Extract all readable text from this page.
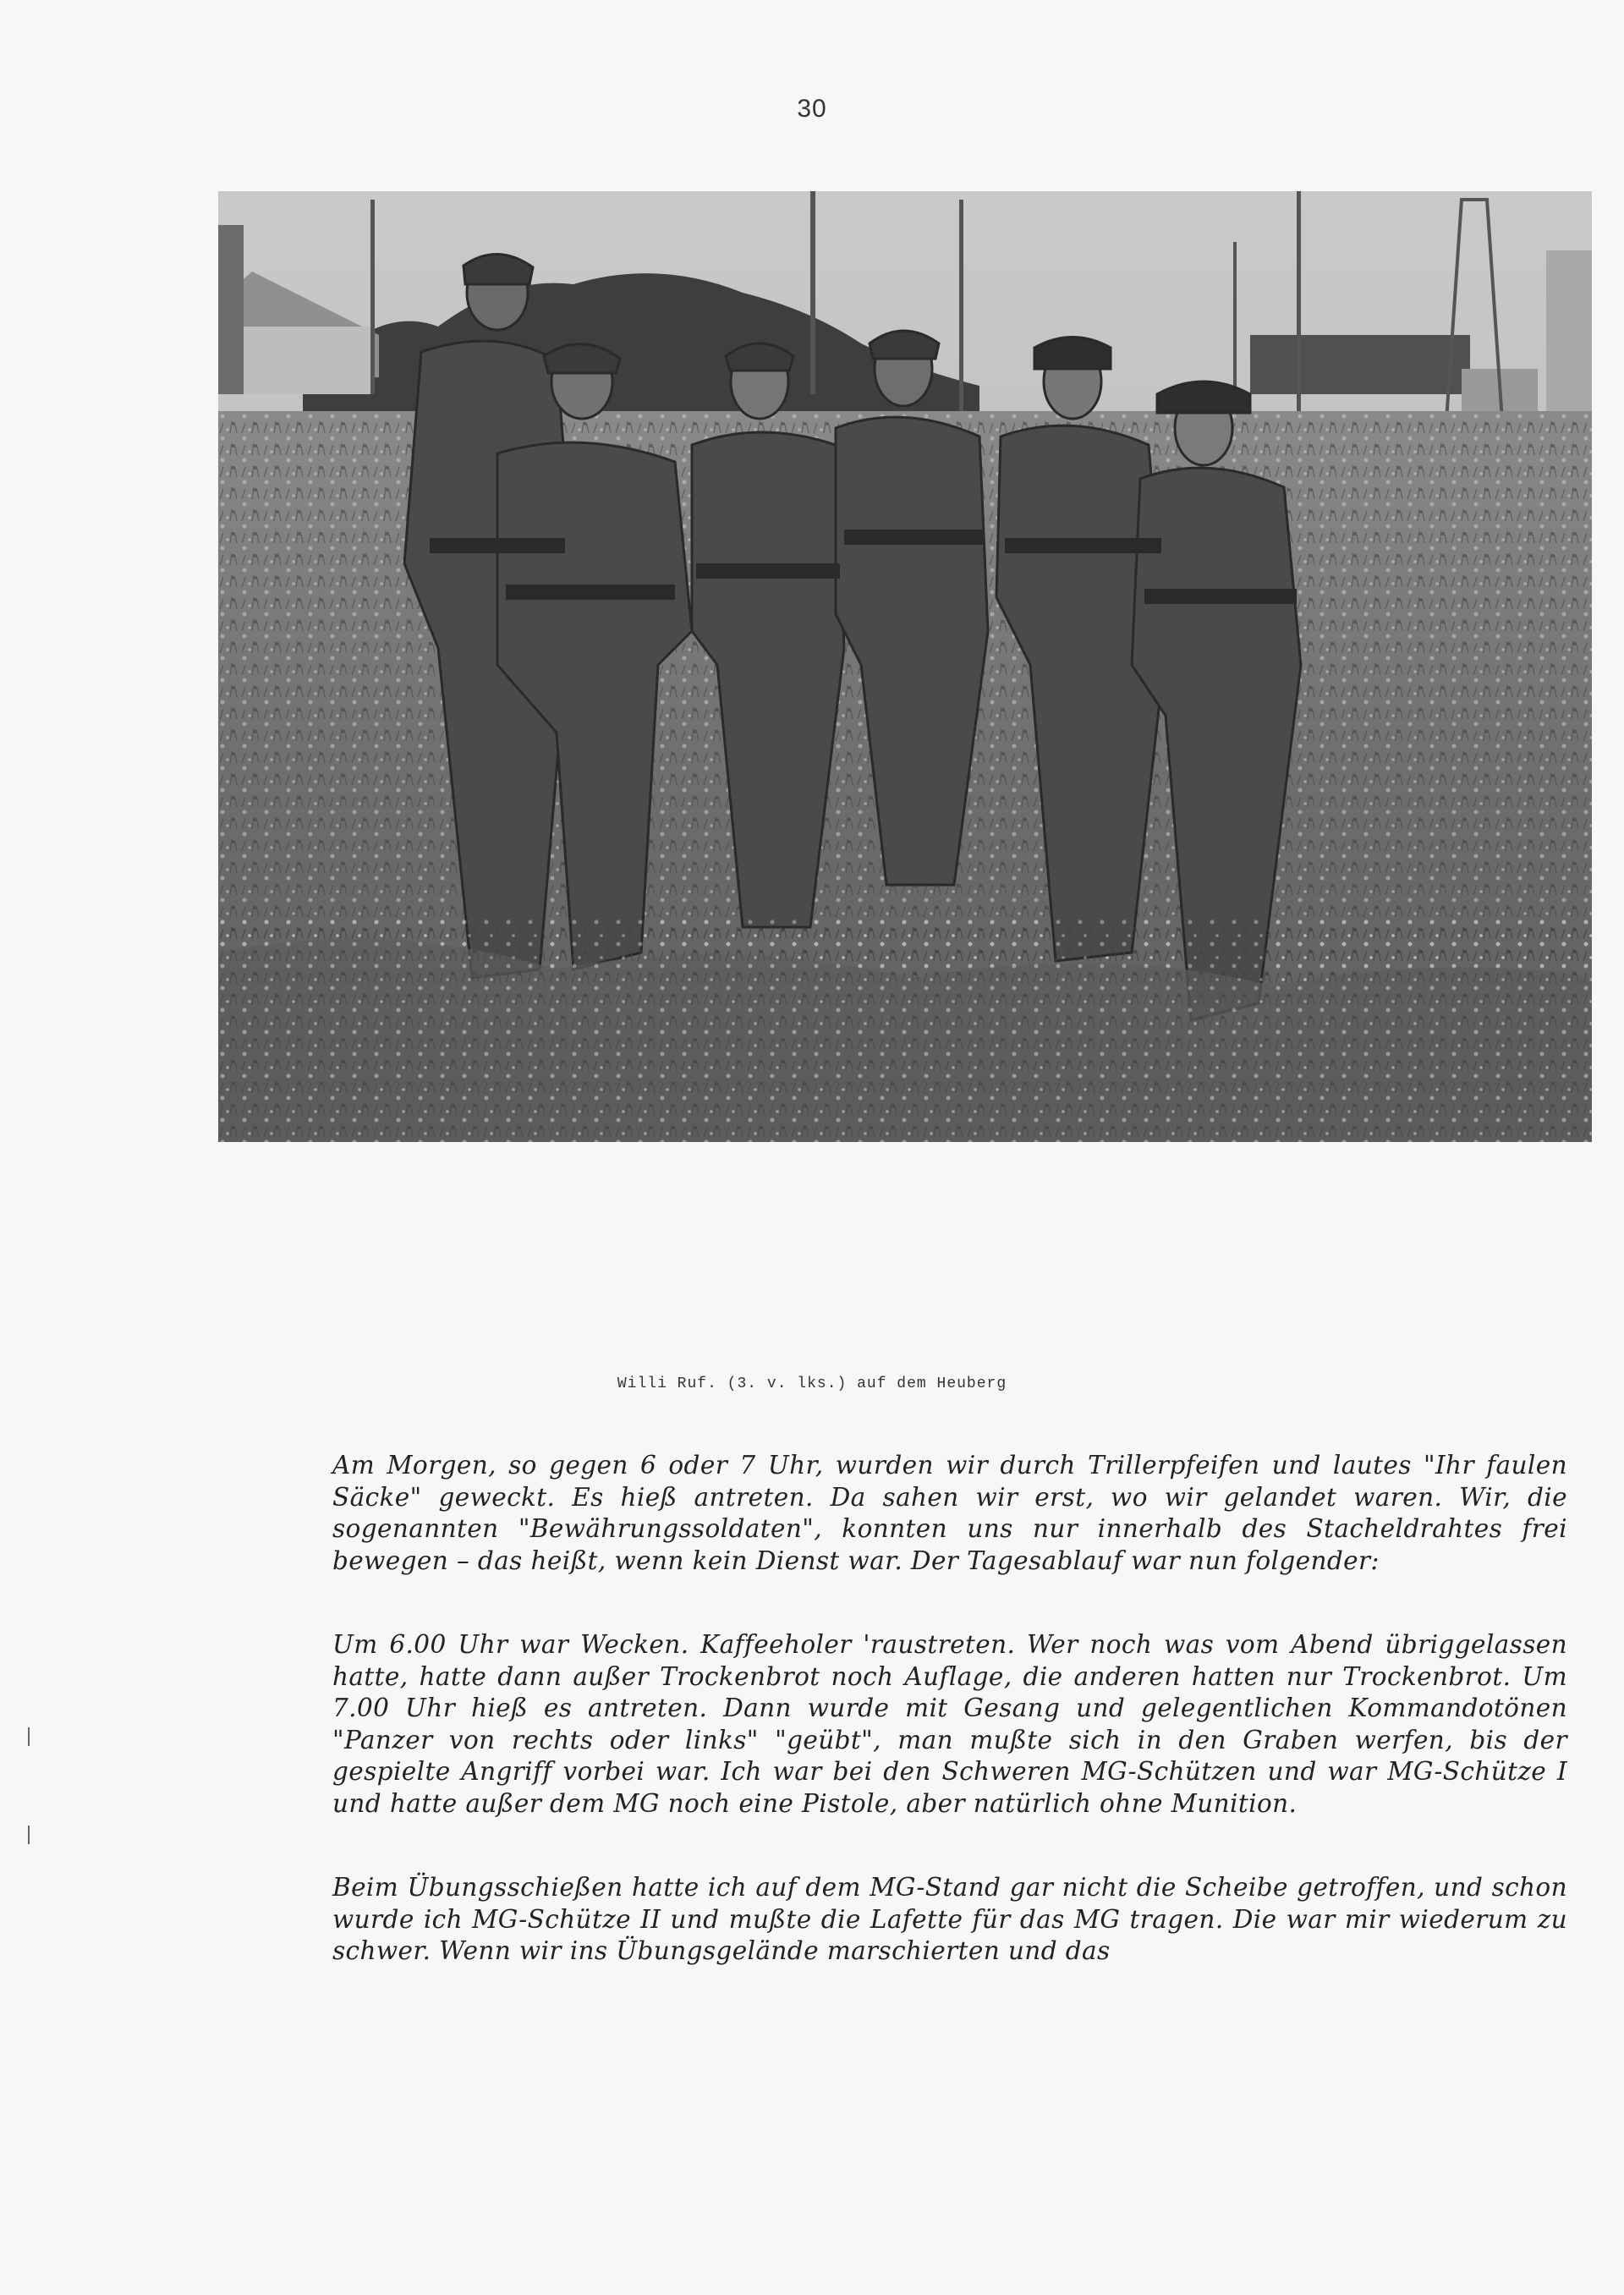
30
Willi Ruf. (3. v. lks.) auf dem Heuberg

Am Morgen, so gegen 6 oder 7 Uhr, wurden wir durch Trillerpfeifen und lautes "Ihr faulen Säcke" geweckt. Es hieß antreten. Da sahen wir erst, wo wir gelandet waren. Wir, die sogenannten "Bewährungssoldaten", konnten uns nur innerhalb des Stacheldrahtes frei bewegen – das heißt, wenn kein Dienst war. Der Tagesablauf war nun folgender:

Um 6.00 Uhr war Wecken. Kaffeeholer 'raustreten. Wer noch was vom Abend übriggelassen hatte, hatte dann außer Trockenbrot noch Auflage, die anderen hatten nur Trockenbrot. Um 7.00 Uhr hieß es antreten. Dann wurde mit Gesang und gelegentlichen Kommandotönen "Panzer von rechts oder links" "geübt", man mußte sich in den Graben werfen, bis der gespielte Angriff vorbei war. Ich war bei den Schweren MG-Schützen und war MG-Schütze I und hatte außer dem MG noch eine Pistole, aber natürlich ohne Munition.

Beim Übungsschießen hatte ich auf dem MG-Stand gar nicht die Scheibe getroffen, und schon wurde ich MG-Schütze II und mußte die Lafette für das MG tragen. Die war mir wiederum zu schwer. Wenn wir ins Übungsgelände marschierten und das
